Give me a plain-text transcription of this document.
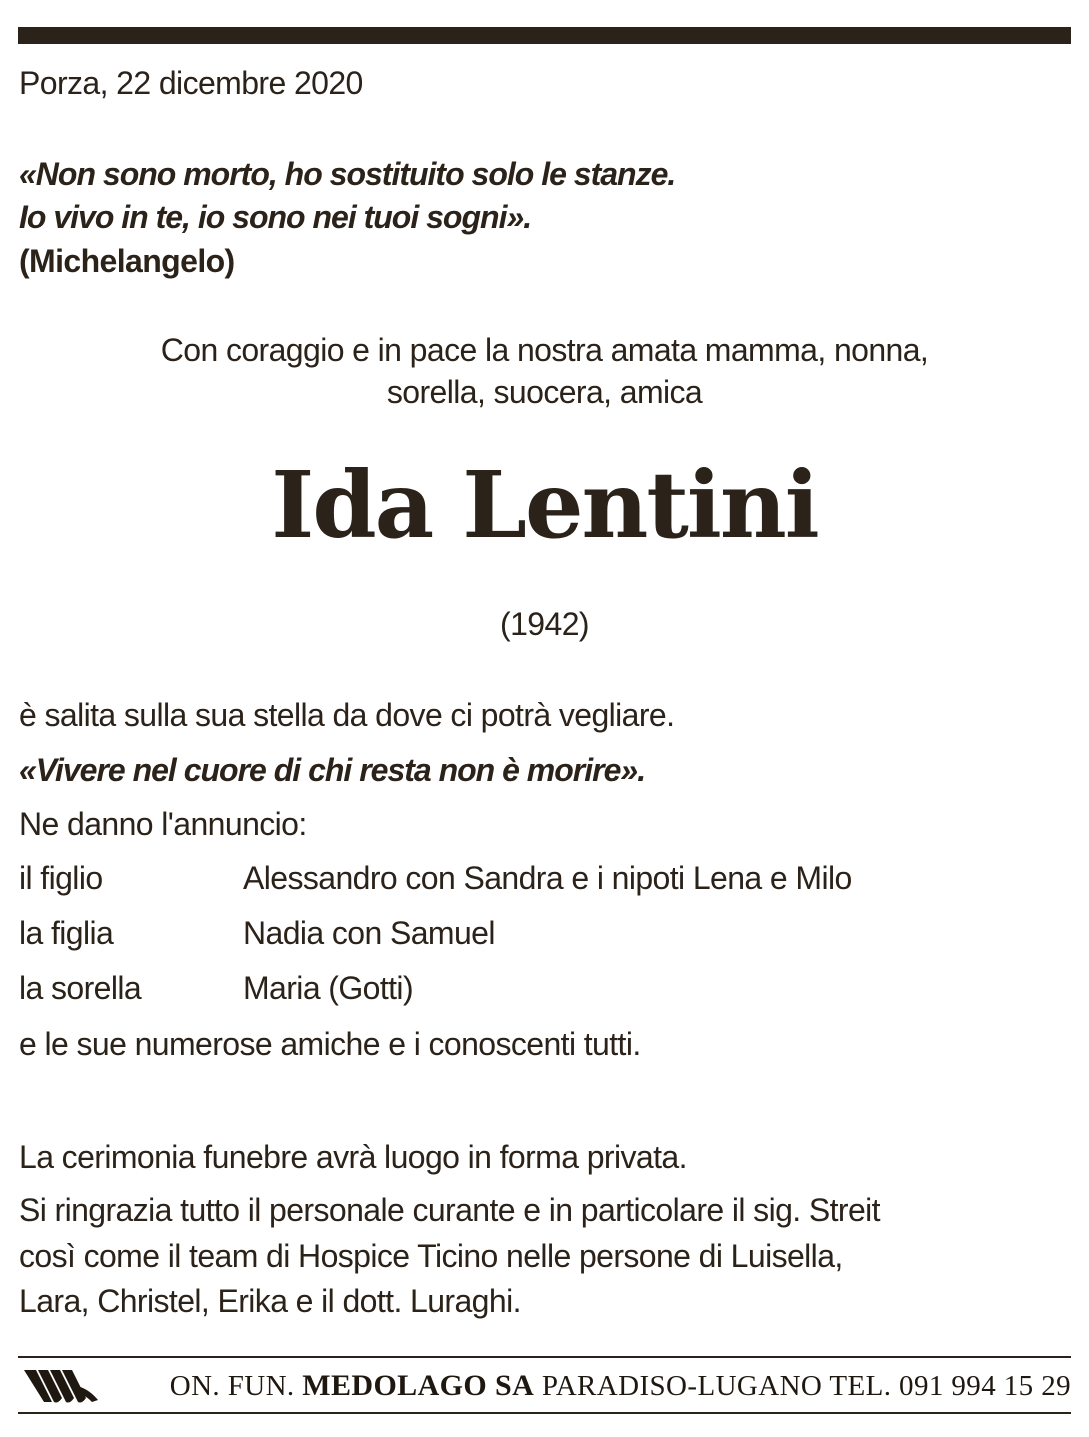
Porza, 22 dicembre 2020
«Non sono morto, ho sostituito solo le stanze.
Io vivo in te, io sono nei tuoi sogni».
(Michelangelo)
Con coraggio e in pace la nostra amata mamma, nonna,
sorella, suocera, amica
Ida Lentini
(1942)
è salita sulla sua stella da dove ci potrà vegliare.
«Vivere nel cuore di chi resta non è morire».
Ne danno l'annuncio:
il figlio	Alessandro con Sandra e i nipoti Lena e Milo
la figlia	Nadia con Samuel
la sorella	Maria (Gotti)
e le sue numerose amiche e i conoscenti tutti.
La cerimonia funebre avrà luogo in forma privata.
Si ringrazia tutto il personale curante e in particolare il sig. Streit
così come il team di Hospice Ticino nelle persone di Luisella,
Lara, Christel, Erika e il dott. Luraghi.
ON. FUN. MEDOLAGO SA PARADISO-LUGANO TEL. 091 994 15 29
